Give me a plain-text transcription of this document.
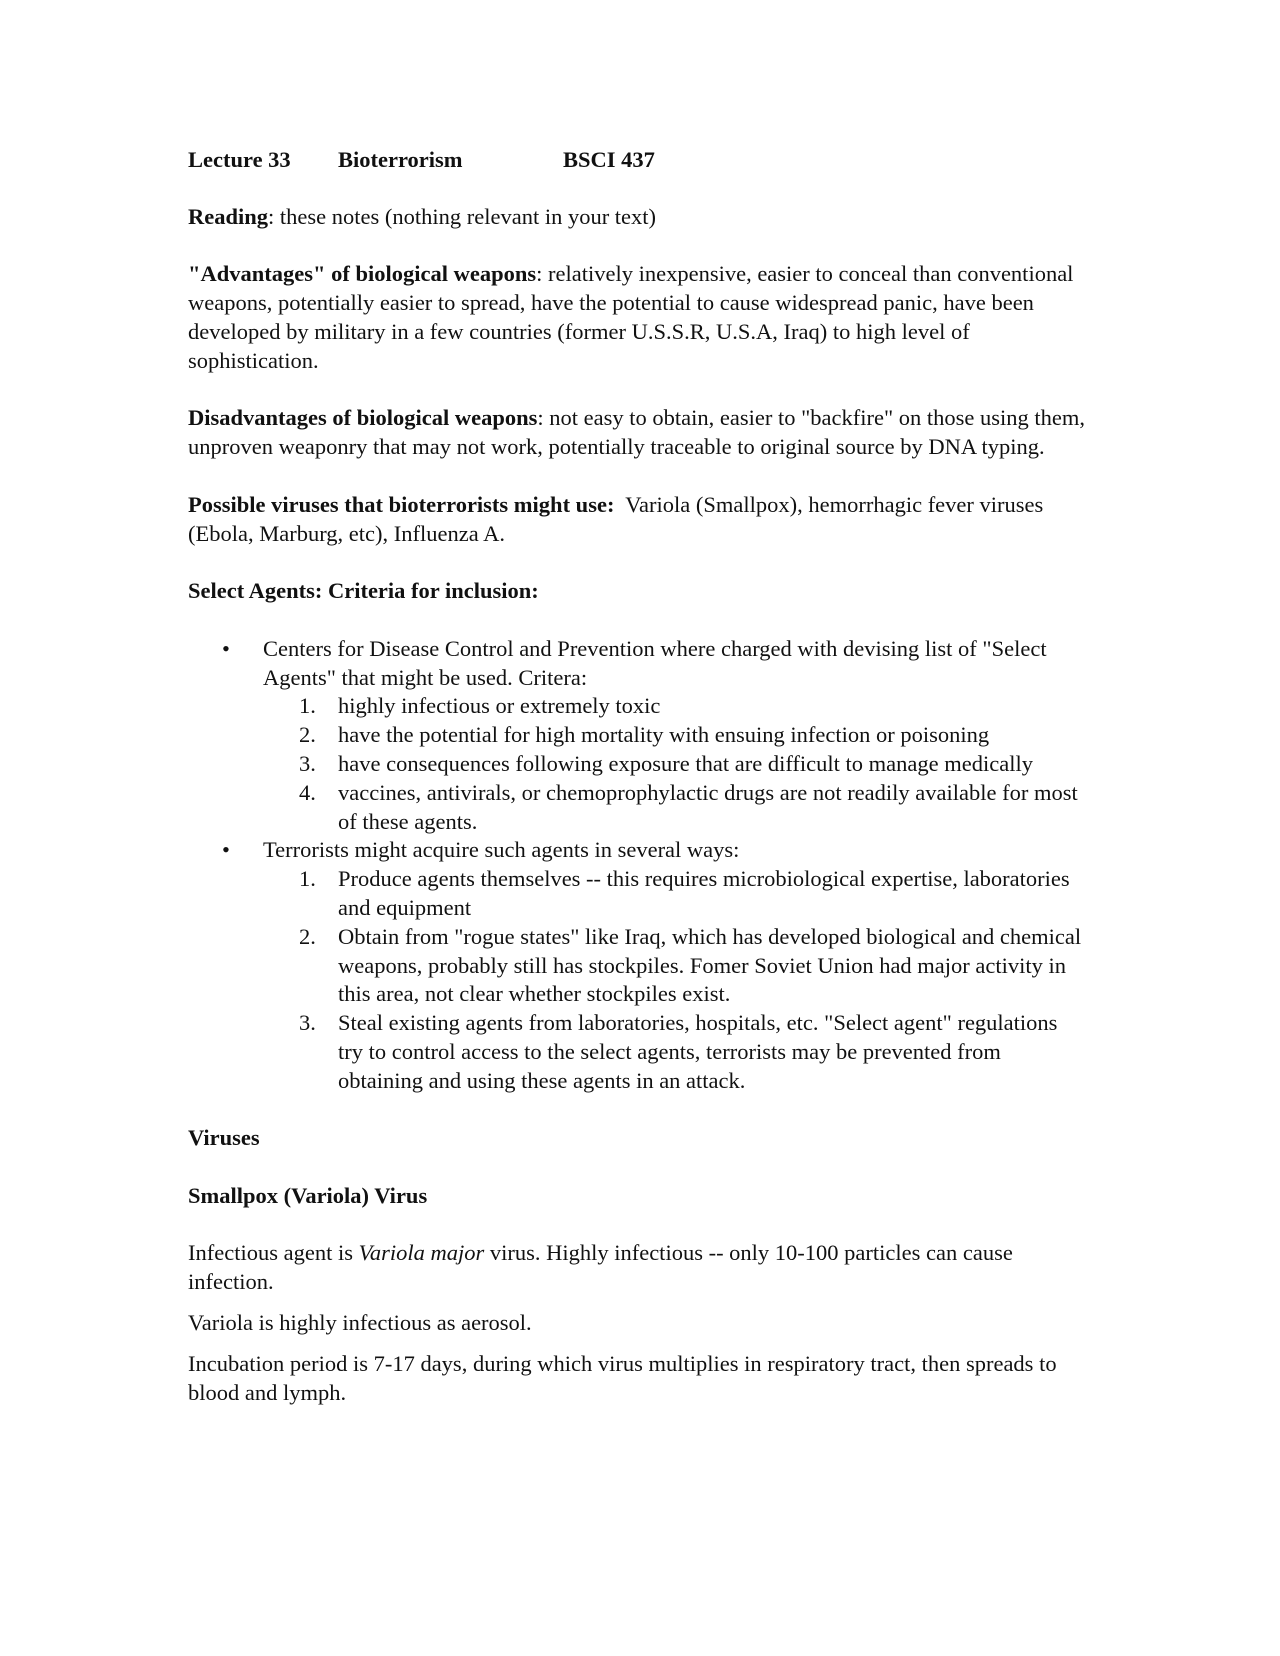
Lecture 33 Bioterrorism	BSCI 437

Reading: these notes (nothing relevant in your text)

"Advantages" of biological weapons: relatively inexpensive, easier to conceal than conventional weapons, potentially easier to spread, have the potential to cause widespread panic, have been developed by military in a few countries (former U.S.S.R, U.S.A, Iraq) to high level of sophistication.

Disadvantages of biological weapons: not easy to obtain, easier to "backfire" on those using them, unproven weaponry that may not work, potentially traceable to original source by DNA typing.

Possible viruses that bioterrorists might use:  Variola (Smallpox), hemorrhagic fever viruses (Ebola, Marburg, etc), Influenza A.

Select Agents: Criteria for inclusion:

• Centers for Disease Control and Prevention where charged with devising list of "Select Agents" that might be used. Critera:
1. highly infectious or extremely toxic
2. have the potential for high mortality with ensuing infection or poisoning
3. have consequences following exposure that are difficult to manage medically
4. vaccines, antivirals, or chemoprophylactic drugs are not readily available for most of these agents.
• Terrorists might acquire such agents in several ways:
1. Produce agents themselves -- this requires microbiological expertise, laboratories and equipment
2. Obtain from "rogue states" like Iraq, which has developed biological and chemical weapons, probably still has stockpiles. Fomer Soviet Union had major activity in this area, not clear whether stockpiles exist.
3. Steal existing agents from laboratories, hospitals, etc. "Select agent" regulations try to control access to the select agents, terrorists may be prevented from obtaining and using these agents in an attack.

Viruses

Smallpox (Variola) Virus

Infectious agent is Variola major virus. Highly infectious -- only 10-100 particles can cause infection.

Variola is highly infectious as aerosol.

Incubation period is 7-17 days, during which virus multiplies in respiratory tract, then spreads to blood and lymph.
